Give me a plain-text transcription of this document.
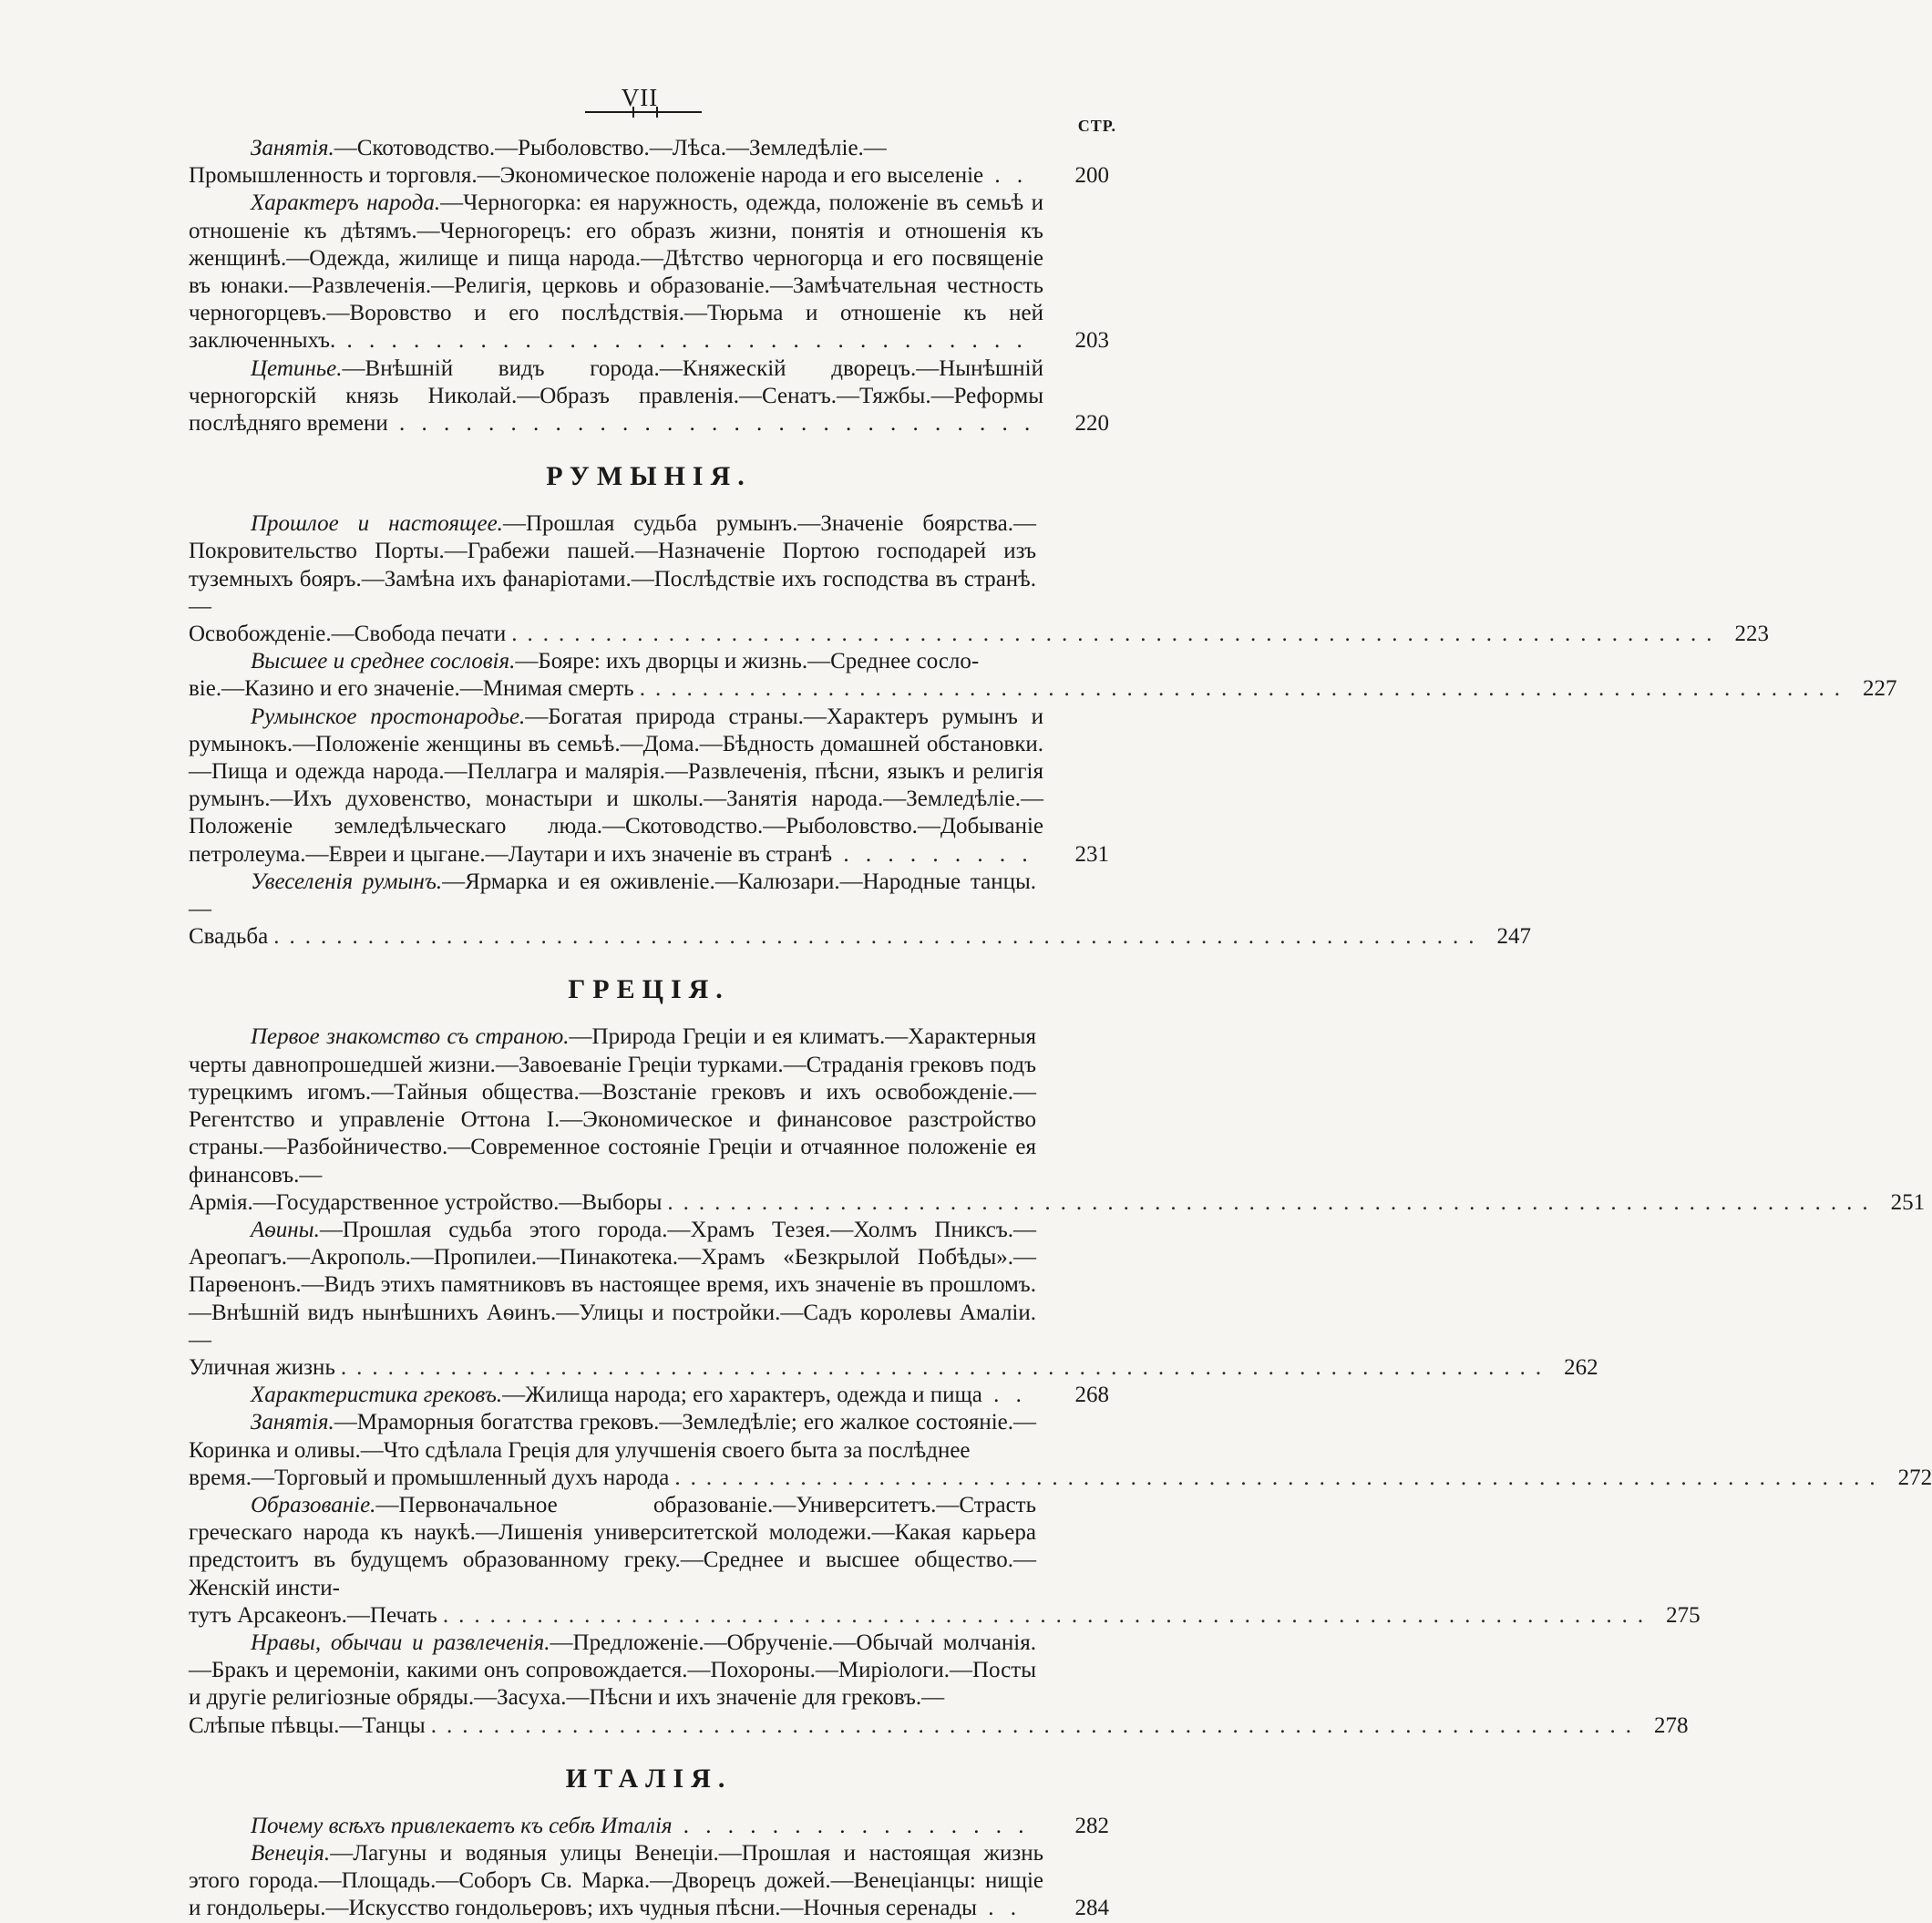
VII
СТР.
Занятія.—Скотоводство.—Рыболовство.—Лѣса.—Земледѣліе.—Промышленность и торговля.—Экономическое положеніе народа и его выселеніе . .	200
Характеръ народа.—Черногорка: ея наружность, одежда, положеніе въ семьѣ и отношеніе къ дѣтямъ.—Черногорецъ: его образъ жизни, понятія и отношенія къ женщинѣ.—Одежда, жилище и пища народа.—Дѣтство черногорца и его посвященіе въ юнаки.—Развлеченія.—Религія, церковь и образованіе.—Замѣчательная честность черногорцевъ.—Воровство и его послѣдствія.—Тюрьма и отношеніе къ ней заключенныхъ. . . . . . . . . . . . . . . . . . . . . . . . . . . . . . . .	203
Цетинье.—Внѣшній видъ города.—Княжескій дворецъ.—Нынѣшній черногорскій князь Николай.—Образъ правленія.—Сенатъ.—Тяжбы.—Реформы послѣдняго времени . . . . . . . . . . . . . . . . . . . . . . . . . . . . .	220
РУМЫНІЯ.
Прошлое и настоящее.—Прошлая судьба румынъ.—Значеніе боярства.—Покровительство Порты.—Грабежи пашей.—Назначеніе Портою господарей изъ туземныхъ бояръ.—Замѣна ихъ фанаріотами.—Послѣдствіе ихъ господства въ странѣ.—
Освобожденіе.—Свобода печати ............................................................................. 223
Высшее и среднее сословія.—Бояре: ихъ дворцы и жизнь.—Среднее сосло-
віе.—Казино и его значеніе.—Мнимая смерть ............................................................................. 227
Румынское простонародье.—Богатая природа страны.—Характеръ румынъ и румынокъ.—Положеніе женщины въ семьѣ.—Дома.—Бѣдность домашней обстановки.—Пища и одежда народа.—Пеллагра и малярія.—Развлеченія, пѣсни, языкъ и религія румынъ.—Ихъ духовенство, монастыри и школы.—Занятія народа.—Земледѣліе.—Положеніе земледѣльческаго люда.—Скотоводство.—Рыболовство.—Добываніе петролеума.—Евреи и цыгане.—Лаутари и ихъ значеніе въ странѣ . . . . . . . . .	231
Увеселенія румынъ.—Ярмарка и ея оживленіе.—Калюзари.—Народные танцы.—
Свадьба ............................................................................. 247
ГРЕЦІЯ.
Первое знакомство съ страною.—Природа Греціи и ея климатъ.—Характерныя черты давнопрошедшей жизни.—Завоеваніе Греціи турками.—Страданія грековъ подъ турецкимъ игомъ.—Тайныя общества.—Возстаніе грековъ и ихъ освобожденіе.—Регентство и управленіе Оттона I.—Экономическое и финансовое разстройство страны.—Разбойничество.—Современное состояніе Греціи и отчаянное положеніе ея финансовъ.—
Армія.—Государственное устройство.—Выборы ............................................................................. 251
Аѳины.—Прошлая судьба этого города.—Храмъ Тезея.—Холмъ Пниксъ.—Ареопагъ.—Акрополь.—Пропилеи.—Пинакотека.—Храмъ «Безкрылой Побѣды».—Парѳенонъ.—Видъ этихъ памятниковъ въ настоящее время, ихъ значеніе въ прошломъ.—Внѣшній видъ нынѣшнихъ Аѳинъ.—Улицы и постройки.—Садъ королевы Амаліи.—
Уличная жизнь ............................................................................. 262
Характеристика грековъ.—Жилища народа; его характеръ, одежда и пища . .	268
Занятія.—Мраморныя богатства грековъ.—Земледѣліе; его жалкое состояніе.—Коринка и оливы.—Что сдѣлала Греція для улучшенія своего быта за послѣднее
время.—Торговый и промышленный духъ народа ............................................................................. 272
Образованіе.—Первоначальное образованіе.—Университетъ.—Страсть греческаго народа къ наукѣ.—Лишенія университетской молодежи.—Какая карьера предстоитъ въ будущемъ образованному греку.—Среднее и высшее общество.—Женскій инсти-
тутъ Арсакеонъ.—Печать ............................................................................. 275
Нравы, обычаи и развлеченія.—Предложеніе.—Обрученіе.—Обычай молчанія.—Бракъ и церемоніи, какими онъ сопровождается.—Похороны.—Миріологи.—Посты и другіе религіозные обряды.—Засуха.—Пѣсни и ихъ значеніе для грековъ.—
Слѣпые пѣвцы.—Танцы ............................................................................. 278
ИТАЛІЯ.
Почему всѣхъ привлекаетъ къ себѣ Италія . . . . . . . . . . . . . . . .	282
Венеція.—Лагуны и водяныя улицы Венеціи.—Прошлая и настоящая жизнь этого города.—Площадь.—Соборъ Св. Марка.—Дворецъ дожей.—Венеціанцы: нищіе и гондольеры.—Искусство гондольеровъ; ихъ чудныя пѣсни.—Ночныя серенады . .	284
